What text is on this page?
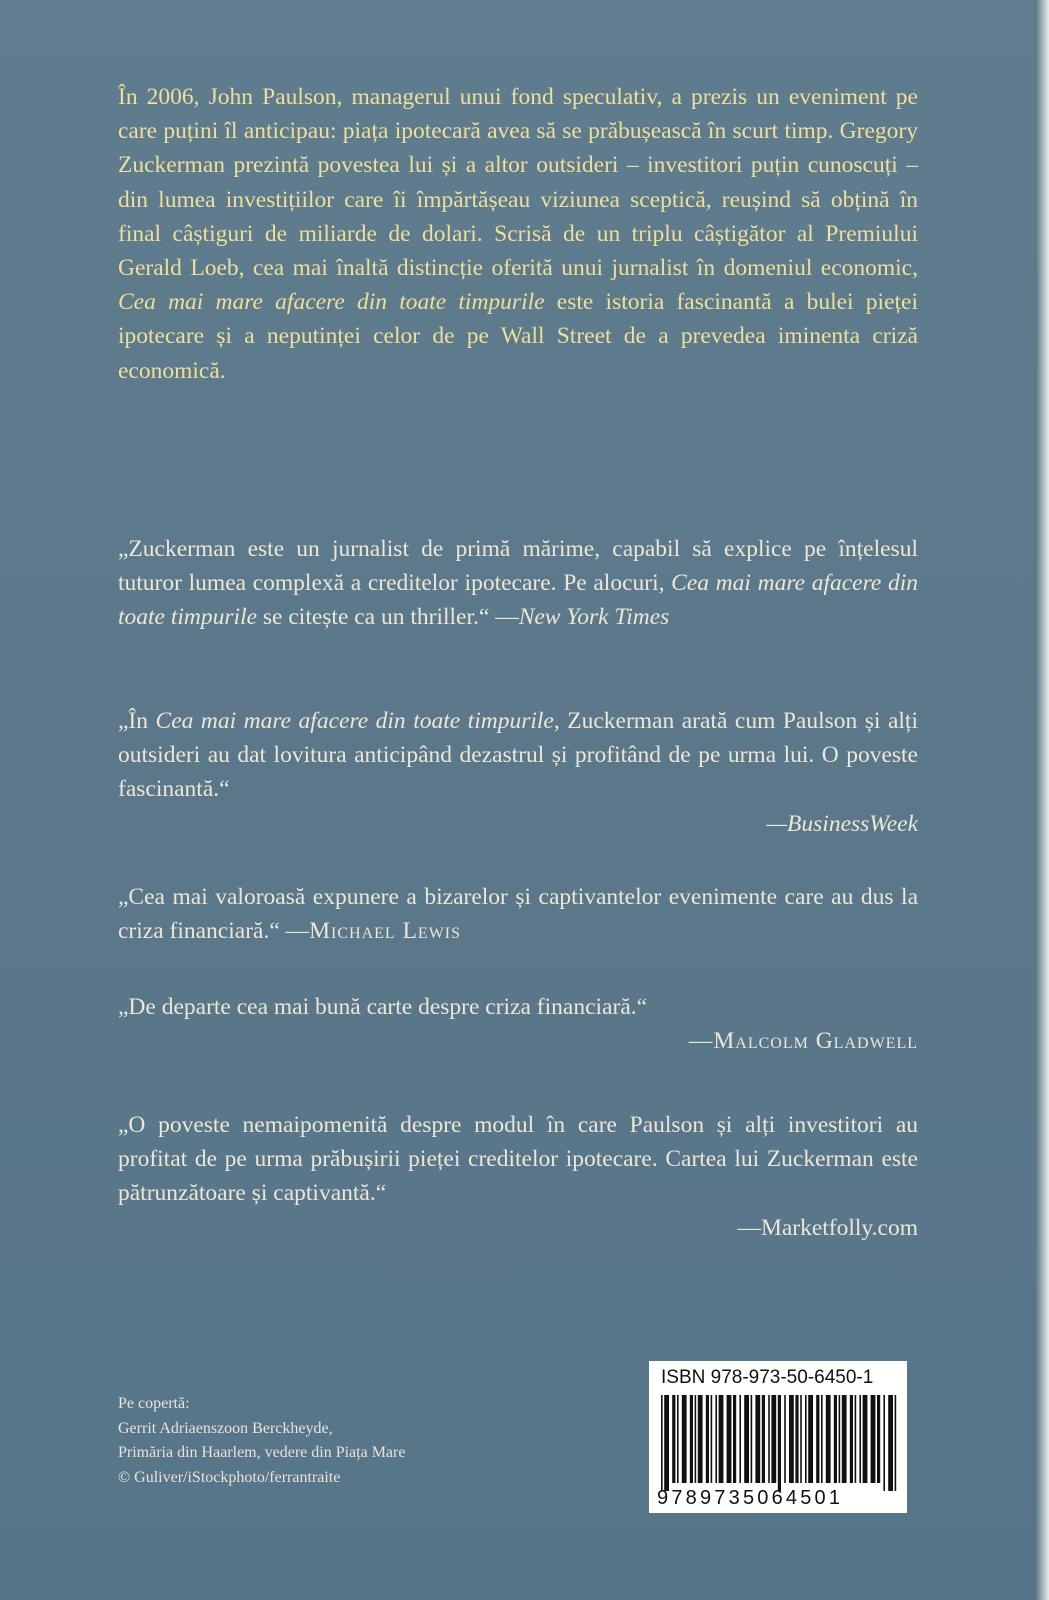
În 2006, John Paulson, managerul unui fond speculativ, a prezis un eveniment pe care puțini îl anticipau: piața ipotecară avea să se prăbușească în scurt timp. Gregory Zuckerman prezintă povestea lui și a altor outsideri – investitori puțin cunoscuți – din lumea investițiilor care îi împărtășeau viziunea sceptică, reușind să obțină în final câștiguri de miliarde de dolari. Scrisă de un triplu câștigător al Premiului Gerald Loeb, cea mai înaltă distincție oferită unui jurnalist în domeniul economic, Cea mai mare afacere din toate timpurile este istoria fascinantă a bulei pieței ipotecare și a neputinței celor de pe Wall Street de a prevedea iminenta criză economică.

„Zuckerman este un jurnalist de primă mărime, capabil să explice pe înțelesul tuturor lumea complexă a creditelor ipotecare. Pe alocuri, Cea mai mare afacere din toate timpurile se citește ca un thriller.“ —New York Times

„În Cea mai mare afacere din toate timpurile, Zuckerman arată cum Paulson și alți outsideri au dat lovitura anticipând dezastrul și profitând de pe urma lui. O poveste fascinantă.“
—BusinessWeek

„Cea mai valoroasă expunere a bizarelor și captivantelor evenimente care au dus la criza financiară.“ —Michael Lewis

„De departe cea mai bună carte despre criza financiară.“
—Malcolm Gladwell

„O poveste nemaipomenită despre modul în care Paulson și alți investitori au profitat de pe urma prăbușirii pieței creditelor ipotecare. Cartea lui Zuckerman este pătrunzătoare și captivantă.“
—Marketfolly.com

Pe copertă:
Gerrit Adriaenszoon Berckheyde,
Primăria din Haarlem, vedere din Piața Mare
© Guliver/iStockphoto/ferrantraite
ISBN 978-973-50-6450-1
9789735064501
